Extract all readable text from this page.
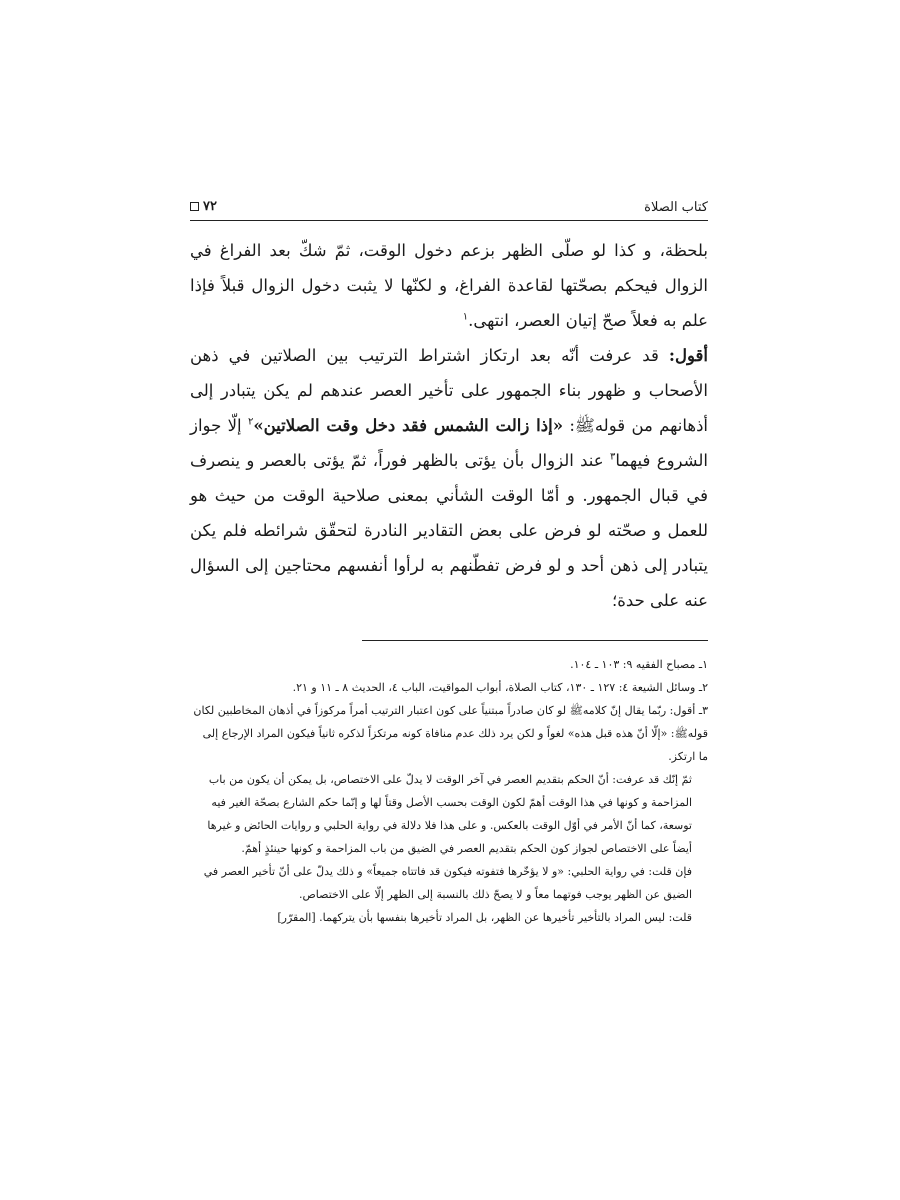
كتاب الصلاة
٧٢

بلحظة، و كذا لو صلّى الظهر بزعم دخول الوقت، ثمّ شكّ بعد الفراغ في الزوال فيحكم بصحّتها لقاعدة الفراغ، و لكنّها لا يثبت دخول الزوال قبلاً فإذا علم به فعلاً صحّ إتيان العصر، انتهى.$^١$

أقول: قد عرفت أنّه بعد ارتكاز اشتراط الترتيب بين الصلاتين في ذهن الأصحاب و ظهور بناء الجمهور على تأخير العصر عندهم لم يكن يتبادر إلى أذهانهم من قولهﷺ: «إذا زالت الشمس فقد دخل وقت الصلاتين»$^٢$ إلّا جواز الشروع فيهما$^٣$ عند الزوال بأن يؤتى بالظهر فوراً، ثمّ يؤتى بالعصر و ينصرف في قبال الجمهور. و أمّا الوقت الشأني بمعنى صلاحية الوقت من حيث هو للعمل و صحّته لو فرض على بعض التقادير النادرة لتحقّق شرائطه فلم يكن يتبادر إلى ذهن أحد و لو فرض تفطّنهم به لرأوا أنفسهم محتاجين إلى السؤال عنه على حدة؛

١ـ مصباح الفقيه ٩: ١٠٣ ـ ١٠٤.

٢ـ وسائل الشيعة ٤: ١٢٧ ـ ١٣٠، كتاب الصلاة، أبواب المواقيت، الباب ٤، الحديث ٨ ـ ١١ و ٢١.

٣ـ أقول: ربّما يقال إنّ كلامهﷺ لو كان صادراً مبتنياً على كون اعتبار الترتيب أمراً مركوزاً في أذهان المخاطبين لكان قولهﷺ: «إلّا أنّ هذه قبل هذه» لغواً و لكن يرد ذلك عدم منافاة كونه مرتكزاً لذكره ثانياً فيكون المراد الإرجاع إلى ما ارتكز.

ثمّ إنّك قد عرفت: أنّ الحكم بتقديم العصر في آخر الوقت لا يدلّ على الاختصاص، بل يمكن أن يكون من باب المزاحمة و كونها في هذا الوقت أهمّ لكون الوقت بحسب الأصل وقتاً لها و إنّما حكم الشارع بصحّة الغير فيه توسعة، كما أنّ الأمر في أوّل الوقت بالعكس. و على هذا فلا دلالة في رواية الحلبي و روايات الحائض و غيرها أيضاً على الاختصاص لجواز كون الحكم بتقديم العصر في الضيق من باب المزاحمة و كونها حينئذٍ أهمّ.

فإن قلت: في رواية الحلبي: «و لا يؤخّرها فتفوته فيكون قد فاتتاه جميعاً» و ذلك يدلّ على أنّ تأخير العصر في الضيق عن الظهر يوجب فوتهما معاً و لا يصحّ ذلك بالنسبة إلى الظهر إلّا على الاختصاص.

قلت: ليس المراد بالتأخير تأخيرها عن الظهر، بل المراد تأخيرها بنفسها بأن يتركهما. [المقرّر]
